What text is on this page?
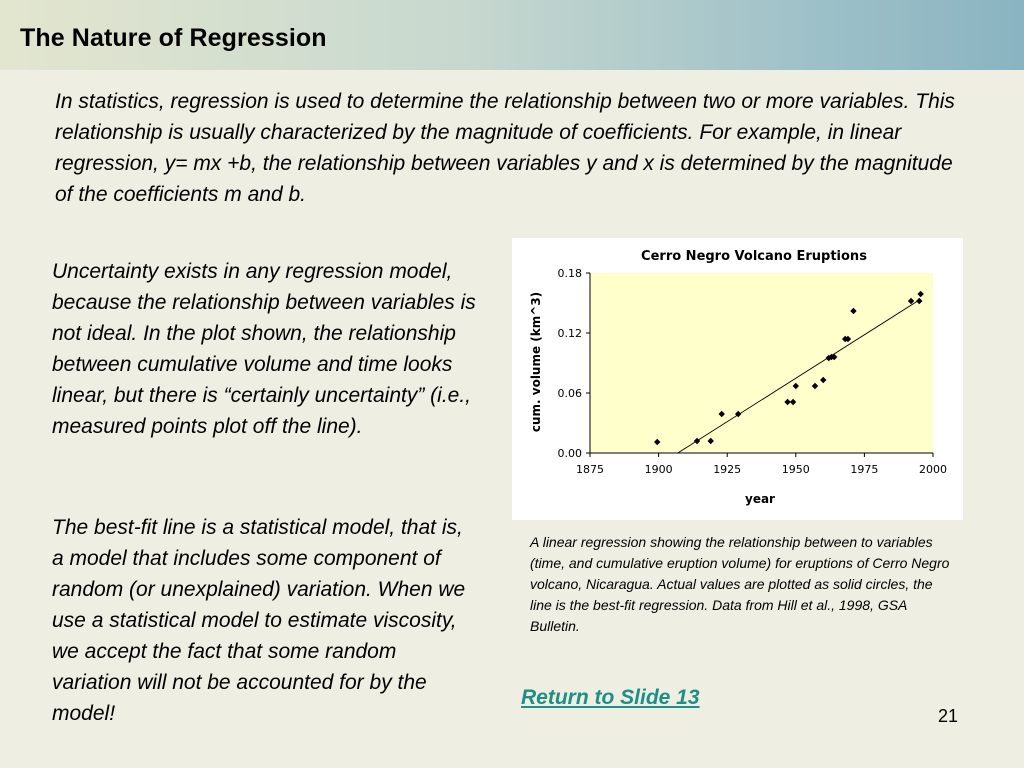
The Nature of Regression
In statistics, regression is used to determine the relationship between two or more variables. This relationship is usually characterized by the magnitude of coefficients. For example, in linear regression, y= mx +b, the relationship between variables y and x is determined by the magnitude of the coefficients m and b.
Uncertainty exists in any regression model, because the relationship between variables is not ideal. In the plot shown, the relationship between cumulative volume and time looks linear, but there is “certainly uncertainty” (i.e., measured points plot off the line).
The best-fit line is a statistical model, that is, a model that includes some component of random (or unexplained) variation. When we use a statistical model to estimate viscosity, we accept the fact that some random variation will not be accounted for by the model!
Cerro Negro Volcano Eruptions
cum. volume (km^3)
year
0.00
0.06
0.12
0.18
1875	1900	1925	1950	1975	2000
A linear regression showing the relationship between to variables (time, and cumulative eruption volume) for eruptions of Cerro Negro volcano, Nicaragua. Actual values are plotted as solid circles, the line is the best-fit regression. Data from Hill et al., 1998, GSA Bulletin.
Return to Slide 13
21
